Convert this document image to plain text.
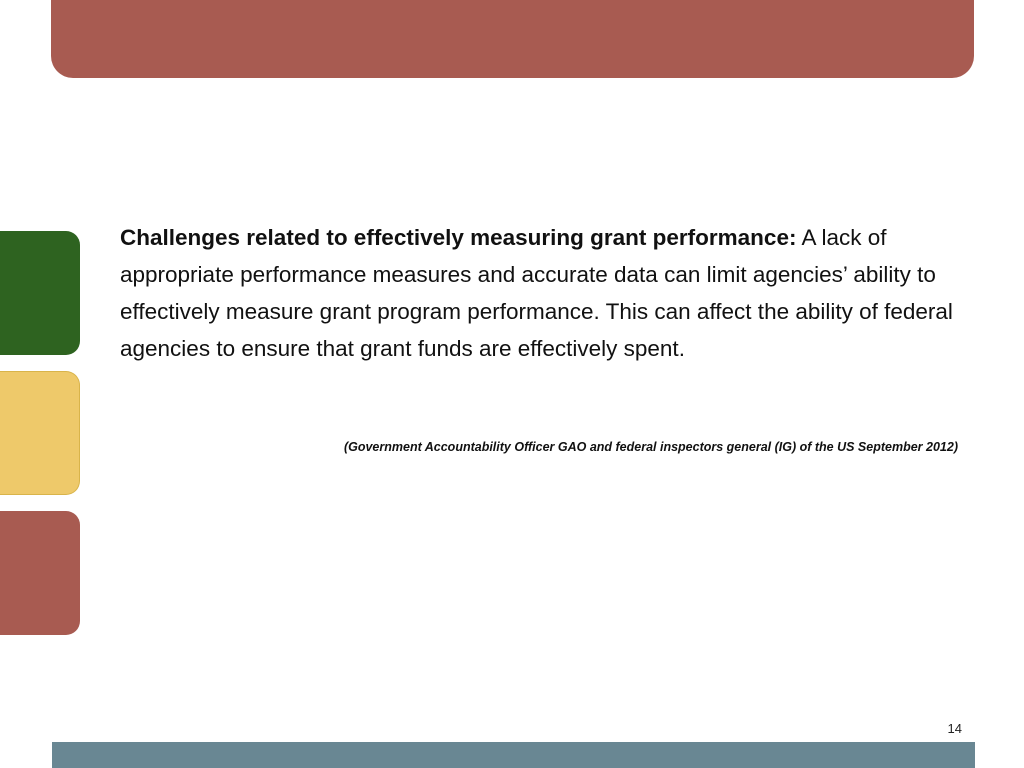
Challenges related to effectively measuring grant performance: A lack of appropriate performance measures and accurate data can limit agencies’ ability to effectively measure grant program performance. This can affect the ability of federal agencies to ensure that grant funds are effectively spent.

(Government Accountability Officer GAO and federal inspectors general (IG) of the US September 2012)

14
